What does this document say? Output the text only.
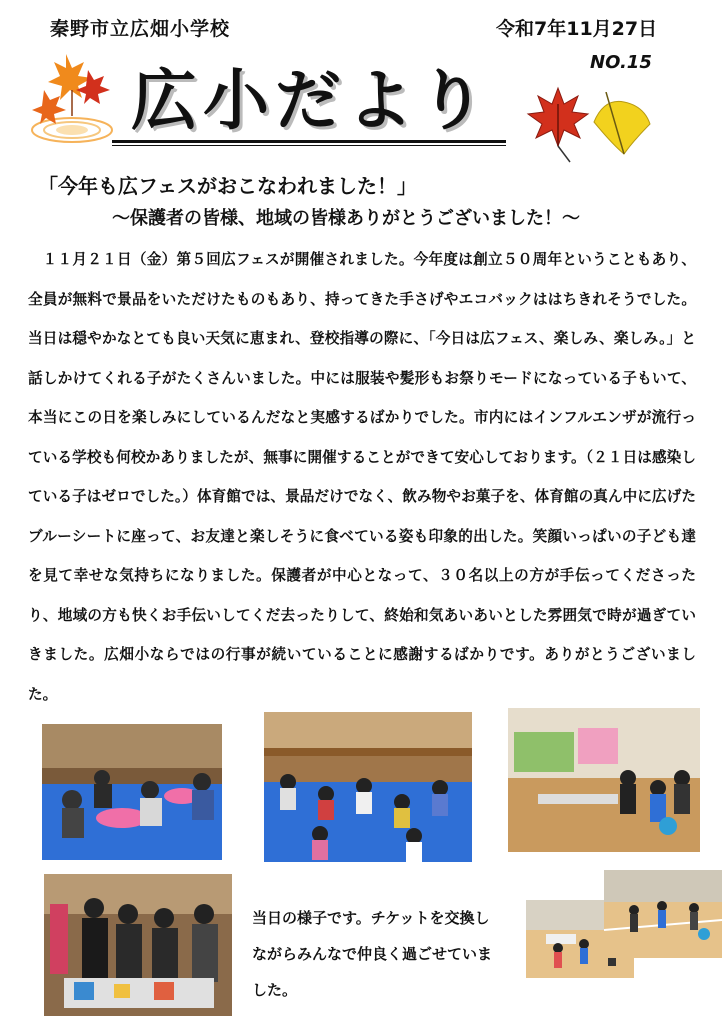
秦野市立広畑小学校	令和7年11月27日
NO.15
広小だより
「今年も広フェスがおこなわれました！」
～保護者の皆様、地域の皆様ありがとうございました！～

１１月２１日（金）第５回広フェスが開催されました。今年度は創立５０周年ということもあり、全員が無料で景品をいただけたものもあり、持ってきた手さげやエコバックははちきれそうでした。当日は穏やかなとても良い天気に恵まれ、登校指導の際に、「今日は広フェス、楽しみ、楽しみ。」と話しかけてくれる子がたくさんいました。中には服装や髪形もお祭りモードになっている子もいて、本当にこの日を楽しみにしているんだなと実感するばかりでした。市内にはインフルエンザが流行っている学校も何校かありましたが、無事に開催することができて安心しております。（２１日は感染している子はゼロでした。）体育館では、景品だけでなく、飲み物やお菓子を、体育館の真ん中に広げたブルーシートに座って、お友達と楽しそうに食べている姿も印象的出した。笑顔いっぱいの子ども達を見て幸せな気持ちになりました。保護者が中心となって、３０名以上の方が手伝ってくださったり、地域の方も快くお手伝いしてくだ去ったりして、終始和気あいあいとした雰囲気で時が過ぎていきました。広畑小ならではの行事が続いていることに感謝するばかりです。ありがとうございました。

当日の様子です。チケットを交換しながらみんなで仲良く過ごせていました。
